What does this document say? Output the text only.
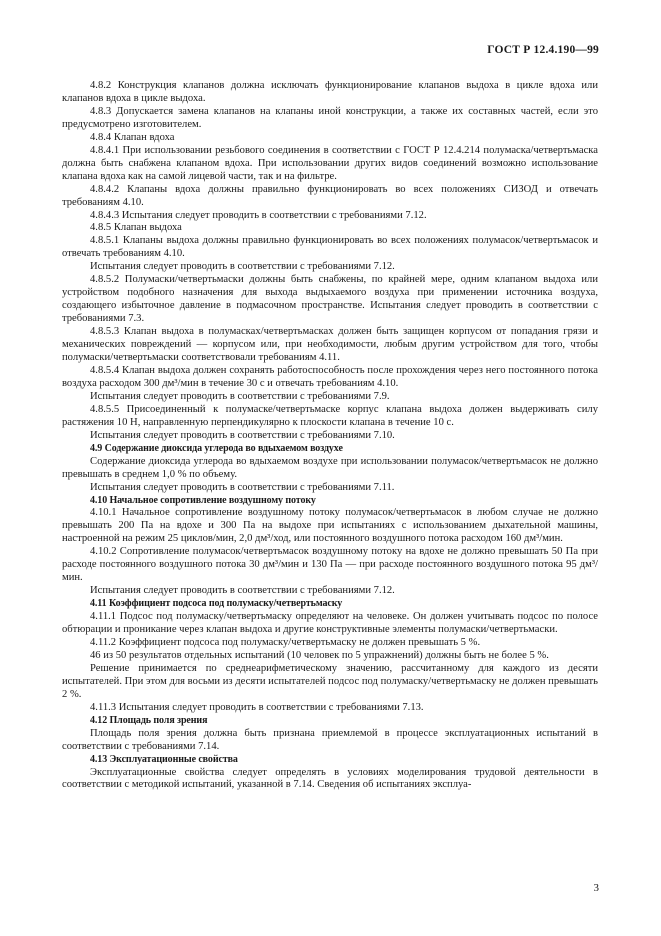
ГОСТ Р 12.4.190—99

4.8.2 Конструкция клапанов должна исключать функционирование клапанов выдоха в цикле вдоха или клапанов вдоха в цикле выдоха.

4.8.3 Допускается замена клапанов на клапаны иной конструкции, а также их составных частей, если это предусмотрено изготовителем.

4.8.4 Клапан вдоха

4.8.4.1 При использовании резьбового соединения в соответствии с ГОСТ Р 12.4.214 полумаска/четвертьмаска должна быть снабжена клапаном вдоха. При использовании других видов соединений возможно использование клапана вдоха как на самой лицевой части, так и на фильтре.

4.8.4.2 Клапаны вдоха должны правильно функционировать во всех положениях СИЗОД и отвечать требованиям 4.10.

4.8.4.3 Испытания следует проводить в соответствии с требованиями 7.12.

4.8.5 Клапан выдоха

4.8.5.1 Клапаны выдоха должны правильно функционировать во всех положениях полумасок/четвертьмасок и отвечать требованиям 4.10.

Испытания следует проводить в соответствии с требованиями 7.12.

4.8.5.2 Полумаски/четвертьмаски должны быть снабжены, по крайней мере, одним клапаном выдоха или устройством подобного назначения для выхода выдыхаемого воздуха при применении источника воздуха, создающего избыточное давление в подмасочном пространстве. Испытания следует проводить в соответствии с требованиями 7.3.

4.8.5.3 Клапан выдоха в полумасках/четвертьмасках должен быть защищен корпусом от попадания грязи и механических повреждений — корпусом или, при необходимости, любым другим устройством для того, чтобы полумаски/четвертьмаски соответствовали требованиям 4.11.

4.8.5.4 Клапан выдоха должен сохранять работоспособность после прохождения через него постоянного потока воздуха расходом 300 дм³/мин в течение 30 с и отвечать требованиям 4.10.

Испытания следует проводить в соответствии с требованиями 7.9.

4.8.5.5 Присоединенный к полумаске/четвертьмаске корпус клапана выдоха должен выдерживать силу растяжения 10 Н, направленную перпендикулярно к плоскости клапана в течение 10 с.

Испытания следует проводить в соответствии с требованиями 7.10.

4.9 Содержание диоксида углерода во вдыхаемом воздухе

Содержание диоксида углерода во вдыхаемом воздухе при использовании полумасок/четвертьмасок не должно превышать в среднем 1,0 % по объему.

Испытания следует проводить в соответствии с требованиями 7.11.

4.10 Начальное сопротивление воздушному потоку

4.10.1 Начальное сопротивление воздушному потоку полумасок/четвертьмасок в любом случае не должно превышать 200 Па на вдохе и 300 Па на выдохе при испытаниях с использованием дыхательной машины, настроенной на режим 25 циклов/мин, 2,0 дм³/ход, или постоянного воздушного потока расходом 160 дм³/мин.

4.10.2 Сопротивление полумасок/четвертьмасок воздушному потоку на вдохе не должно превышать 50 Па при расходе постоянного воздушного потока 30 дм³/мин и 130 Па — при расходе постоянного воздушного потока 95 дм³/мин.

Испытания следует проводить в соответствии с требованиями 7.12.

4.11 Коэффициент подсоса под полумаску/четвертьмаску

4.11.1 Подсос под полумаску/четвертьмаску определяют на человеке. Он должен учитывать подсос по полосе обтюрации и проникание через клапан выдоха и другие конструктивные элементы полумаски/четвертьмаски.

4.11.2 Коэффициент подсоса под полумаску/четвертьмаску не должен превышать 5 %.

46 из 50 результатов отдельных испытаний (10 человек по 5 упражнений) должны быть не более 5 %.

Решение принимается по среднеарифметическому значению, рассчитанному для каждого из десяти испытателей. При этом для восьми из десяти испытателей подсос под полумаску/четвертьмаску не должен превышать 2 %.

4.11.3 Испытания следует проводить в соответствии с требованиями 7.13.

4.12 Площадь поля зрения

Площадь поля зрения должна быть признана приемлемой в процессе эксплуатационных испытаний в соответствии с требованиями 7.14.

4.13 Эксплуатационные свойства

Эксплуатационные свойства следует определять в условиях моделирования трудовой деятельности в соответствии с методикой испытаний, указанной в 7.14. Сведения об испытаниях эксплуа-

3
